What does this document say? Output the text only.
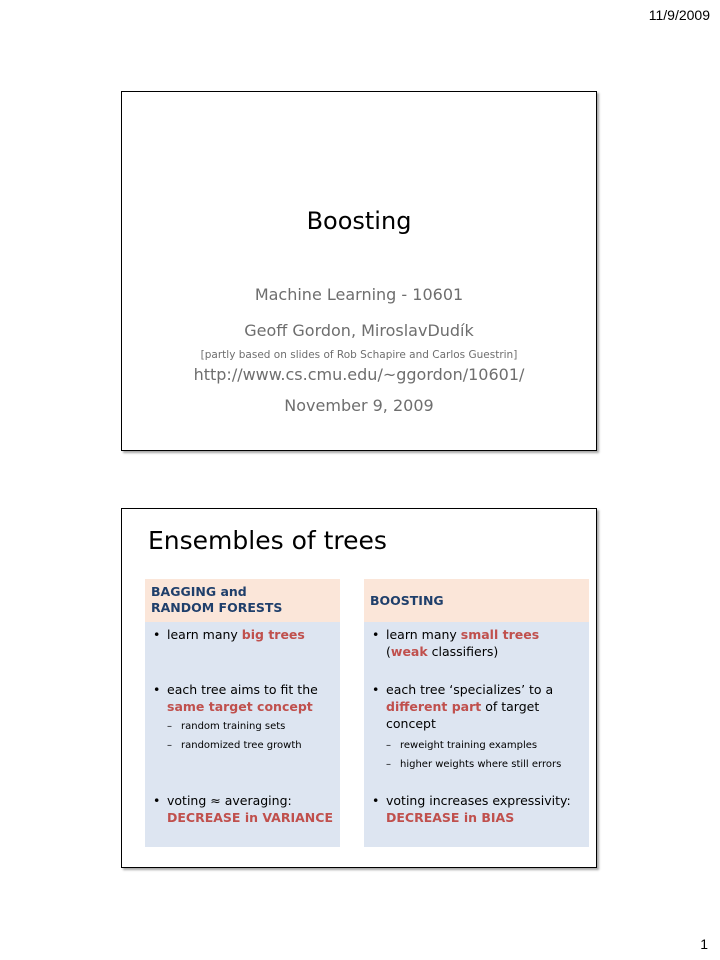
11/9/2009
Boosting
Machine Learning - 10601
Geoff Gordon, MiroslavDudík
[partly based on slides of Rob Schapire and Carlos Guestrin]
http://www.cs.cmu.edu/~ggordon/10601/
November 9, 2009
Ensembles of trees
BAGGING and
RANDOM FORESTS
• learn many big trees
• each tree aims to fit the same target concept
– random training sets
– randomized tree growth
• voting ≈ averaging:
DECREASE in VARIANCE
BOOSTING
• learn many small trees
(weak classifiers)
• each tree ‘specializes’ to a different part of target concept
– reweight training examples
– higher weights where still errors
• voting increases expressivity:
DECREASE in BIAS
1
